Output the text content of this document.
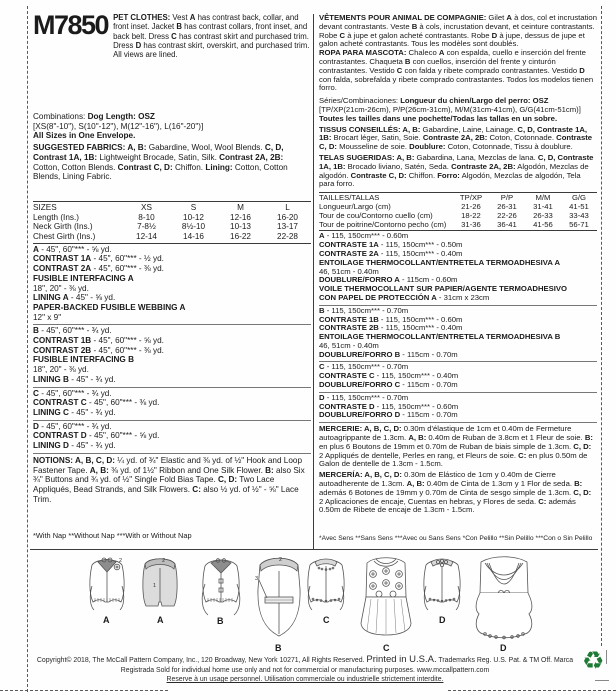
M7850 PET CLOTHES: Vest A has contrast back, collar, and front inset. Jacket B has contrast collars, front inset, and back belt. Dress C has contrast skirt and purchased trim. Dress D has contrast skirt, overskirt, and purchased trim. All views are lined.
Combinations: Dog Length: OSZ
[XS(8"-10"), S(10"-12"), M(12"-16"), L(16"-20")]
All Sizes in One Envelope.
SUGGESTED FABRICS: A, B: Gabardine, Wool, Wool Blends. C, D, Contrast 1A, 1B: Lightweight Brocade, Satin, Silk. Contrast 2A, 2B: Cotton, Cotton Blends. Contrast C, D: Chiffon. Lining: Cotton, Cotton Blends, Lining Fabric.
SIZES	XS	S	M	L
Length (Ins.)	8-10	10-12	12-16	16-20
Neck Girth (Ins.)	7-8½	8½-10	10-13	13-17
Chest Girth (Ins.)	12-14	14-16	16-22	22-28
A - 45", 60"*** - ⅝ yd.
CONTRAST 1A - 45", 60"*** - ½ yd.
CONTRAST 2A - 45", 60"*** - ⅜ yd.
FUSIBLE INTERFACING A
18", 20" - ⅜ yd.
LINING A - 45" - ⅝ yd.
PAPER-BACKED FUSIBLE WEBBING A
12" x 9"
B - 45", 60"*** - ¾ yd.
CONTRAST 1B - 45", 60"*** - ⅝ yd.
CONTRAST 2B - 45", 60"*** - ⅜ yd.
FUSIBLE INTERFACING B
18", 20" - ⅜ yd.
LINING B - 45" - ¾ yd.
C - 45", 60"*** - ¾ yd.
CONTRAST C - 45", 60"*** - ⅜ yd.
LINING C - 45" - ¾ yd.
D - 45", 60"*** - ¾ yd.
CONTRAST D - 45", 60"*** - ⅝ yd.
LINING D - 45" - ¾ yd.
NOTIONS: A, B, C, D: ¼ yd. of ¾" Elastic and ⅜ yd. of ½" Hook and Loop Fastener Tape. A, B: ⅜ yd. of 1½" Ribbon and One Silk Flower. B: also Six ¾" Buttons and ¾ yd. of ½" Single Fold Bias Tape. C, D: Two Lace Appliqués, Bead Strands, and Silk Flowers. C: also ½ yd. of ½" - ⅝" Lace Trim.
VÊTEMENTS POUR ANIMAL DE COMPAGNIE: Gilet A à dos, col et incrustation devant contrastants. Veste B à cols, incrustation devant, et ceinture contrastants. Robe C à jupe et galon acheté contrastants. Robe D à jupe, dessus de jupe et galon acheté contrastants. Tous les modèles sont doublés.
ROPA PARA MASCOTA: Chaleco A con espalda, cuello e inserción del frente contrastantes. Chaqueta B con cuellos, inserción del frente y cinturón contrastantes. Vestido C con falda y ribete comprado contrastantes. Vestido D con falda, sobrefalda y ribete comprado contrastantes. Todos los modelos tienen forro.
Séries/Combinaciones: Longueur du chien/Largo del perro: OSZ
[TP/XP(21cm-26cm), P/P(26cm-31cm), M/M(31cm-41cm), G/G(41cm-51cm)]
Toutes les tailles dans une pochette/Todas las tallas en un sobre.
TISSUS CONSEILLÉS: A, B: Gabardine, Laine, Lainage. C, D, Contraste 1A, 1B: Brocart léger, Satin, Soie. Contraste 2A, 2B: Coton, Cotonnade. Contraste C, D: Mousseline de soie. Doublure: Coton, Cotonnade, Tissu à doublure.
TELAS SUGERIDAS: A, B: Gabardina, Lana, Mezclas de lana. C, D, Contraste 1A, 1B: Brocado liviano, Satén, Seda. Contraste 2A, 2B: Algodón, Mezclas de algodón. Contraste C, D: Chiffon. Forro: Algodón, Mezclas de algodón, Tela para forro.
TAILLES/TALLAS	TP/XP	P/P	M/M	G/G
Longueur/Largo (cm)	21-26	26-31	31-41	41-51
Tour de cou/Contorno cuello (cm)	18-22	22-26	26-33	33-43
Tour de poitrine/Contorno pecho (cm)	31-36	36-41	41-56	56-71
A - 115, 150cm*** - 0.60m
CONTRASTE 1A - 115, 150cm*** - 0.50m
CONTRASTE 2A - 115, 150cm*** - 0.40m
ENTOILAGE THERMOCOLLANT/ENTRETELA TERMOADHESIVA A
46, 51cm - 0.40m
DOUBLURE/FORRO A - 115cm - 0.60m
VOILE THERMOCOLLANT SUR PAPIER/AGENTE TERMOADHESIVO
CON PAPEL DE PROTECCIÓN A - 31cm x 23cm
B - 115, 150cm*** - 0.70m
CONTRASTE 1B - 115, 150cm*** - 0.60m
CONTRASTE 2B - 115, 150cm*** - 0.40m
ENTOILAGE THERMOCOLLANT/ENTRETELA TERMOADHESIVA B
46, 51cm - 0.40m
DOUBLURE/FORRO B - 115cm - 0.70m
C - 115, 150cm*** - 0.70m
CONTRASTE C - 115, 150cm*** - 0.40m
DOUBLURE/FORRO C - 115cm - 0.70m
D - 115, 150cm*** - 0.70m
CONTRASTE D - 115, 150cm*** - 0.60m
DOUBLURE/FORRO D - 115cm - 0.70m
MERCERIE: A, B, C, D: 0.30m d'élastique de 1cm et 0.40m de Fermeture autoagrippante de 1.3cm. A, B: 0.40m de Ruban de 3.8cm et 1 Fleur de soie. B: en plus 6 Boutons de 19mm et 0.70m de Ruban de biais simple de 1.3cm. C, D: 2 Appliqués de dentelle, Perles en rang, et Fleurs de soie. C: en plus 0.50m de Galon de dentelle de 1.3cm - 1.5cm.
MERCERÍA: A, B, C, D: 0.30m de Elástico de 1cm y 0.40m de Cierre autoadherente de 1.3cm. A, B: 0.40m de Cinta de 1.3cm y 1 Flor de seda. B: además 6 Botones de 19mm y 0.70m de Cinta de sesgo simple de 1.3cm. C, D: 2 Aplicaciones de encaje, Cuentas en hebras, y Flores de seda. C: además 0.50m de Ribete de encaje de 1.3cm - 1.5cm.
*With Nap **Without Nap ***With or Without Nap	*Avec Sens **Sans Sens ***Avec ou Sans Sens *Con Pelillo **Sin Pelillo ***Con o Sin Pelillo
2	2
1
2
3
A	A	B
B
C
C
D
D
Copyright© 2018, The McCall Pattern Company, Inc., 120 Broadway, New York 10271, All Rights Reserved. Printed in U.S.A. Trademarks Reg. U.S. Pat. & TM Off. Marca
Registrada Sold for individual home use only and not for commercial or manufacturing purposes. www.mccallpattern.com
Reserve à un usage personnel. Utilisation commerciale ou industrielle strictement interdite.
♻
